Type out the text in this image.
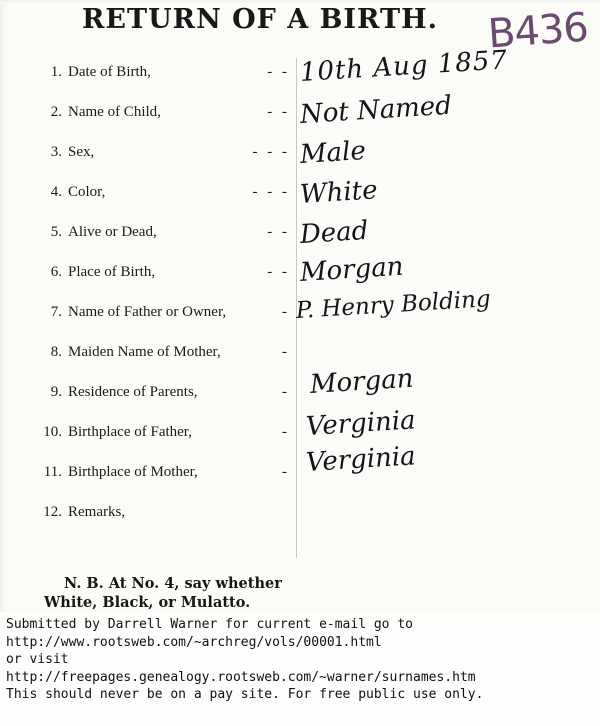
RETURN OF A BIRTH.	B436
1. Date of Birth,	- - 10th Aug 1857
2. Name of Child,	- - Not Named
3. Sex,	- - - Male
4. Color,	- - - White
5. Alive or Dead,	- - Dead
6. Place of Birth,	- - Morgan
7. Name of Father or Owner,	- P. Henry Bolding
8. Maiden Name of Mother,	-
9. Residence of Parents,	- Morgan
10. Birthplace of Father,	- Verginia
11. Birthplace of Mother,	- Verginia
12. Remarks,
N. B. At No. 4, say whether
White, Black, or Mulatto.
Submitted by Darrell Warner for current e-mail go to
http://www.rootsweb.com/~archreg/vols/00001.html
or visit
http://freepages.genealogy.rootsweb.com/~warner/surnames.htm
This should never be on a pay site. For free public use only.
